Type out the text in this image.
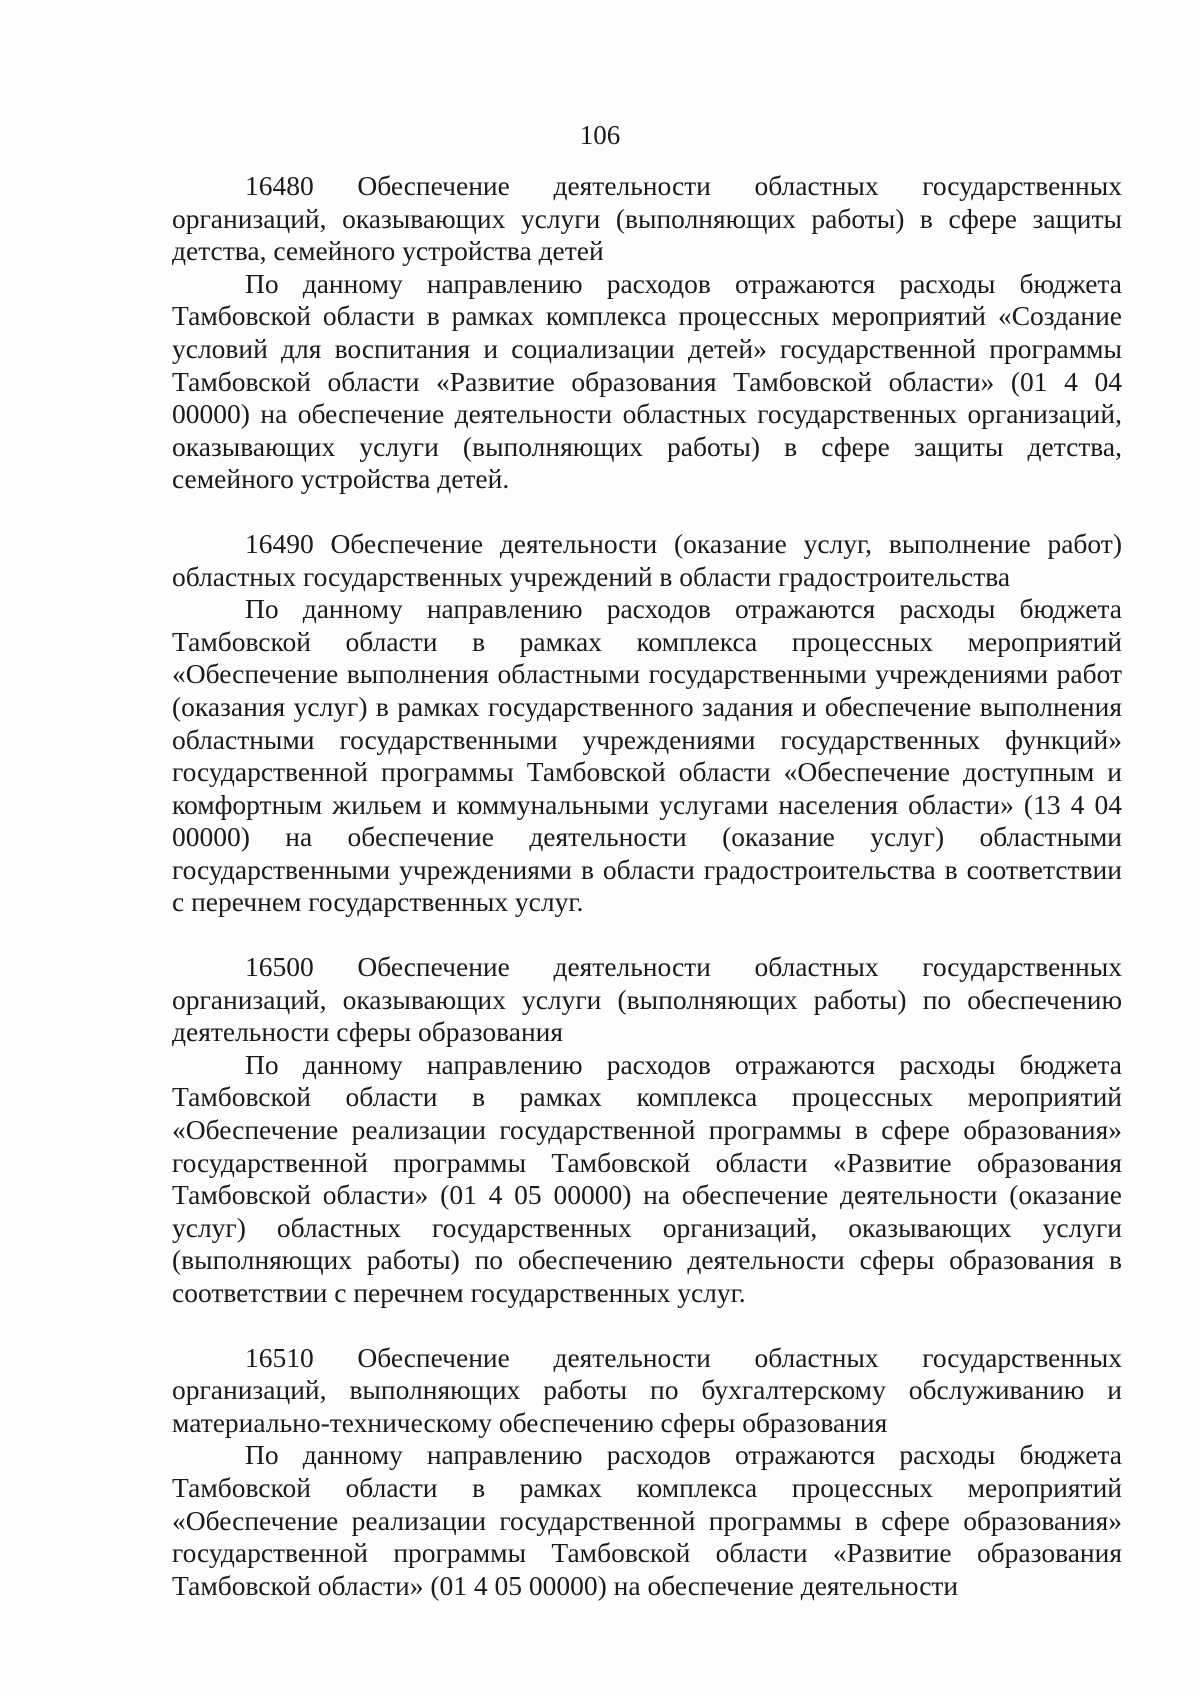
106

16480 Обеспечение деятельности областных государственных организаций, оказывающих услуги (выполняющих работы) в сфере защиты детства, семейного устройства детей

По данному направлению расходов отражаются расходы бюджета Тамбовской области в рамках комплекса процессных мероприятий «Создание условий для воспитания и социализации детей» государственной программы Тамбовской области «Развитие образования Тамбовской области» (01 4 04 00000) на обеспечение деятельности областных государственных организаций, оказывающих услуги (выполняющих работы) в сфере защиты детства, семейного устройства детей.

16490 Обеспечение деятельности (оказание услуг, выполнение работ) областных государственных учреждений в области градостроительства

По данному направлению расходов отражаются расходы бюджета Тамбовской области в рамках комплекса процессных мероприятий «Обеспечение выполнения областными государственными учреждениями работ (оказания услуг) в рамках государственного задания и обеспечение выполнения областными государственными учреждениями государственных функций» государственной программы Тамбовской области «Обеспечение доступным и комфортным жильем и коммунальными услугами населения области» (13 4 04 00000) на обеспечение деятельности (оказание услуг) областными государственными учреждениями в области градостроительства в соответствии с перечнем государственных услуг.

16500 Обеспечение деятельности областных государственных организаций, оказывающих услуги (выполняющих работы) по обеспечению деятельности сферы образования

По данному направлению расходов отражаются расходы бюджета Тамбовской области в рамках комплекса процессных мероприятий «Обеспечение реализации государственной программы в сфере образования» государственной программы Тамбовской области «Развитие образования Тамбовской области» (01 4 05 00000) на обеспечение деятельности (оказание услуг) областных государственных организаций, оказывающих услуги (выполняющих работы) по обеспечению деятельности сферы образования в соответствии с перечнем государственных услуг.

16510 Обеспечение деятельности областных государственных организаций, выполняющих работы по бухгалтерскому обслуживанию и материально-техническому обеспечению сферы образования

По данному направлению расходов отражаются расходы бюджета Тамбовской области в рамках комплекса процессных мероприятий «Обеспечение реализации государственной программы в сфере образования» государственной программы Тамбовской области «Развитие образования Тамбовской области» (01 4 05 00000) на обеспечение деятельности
